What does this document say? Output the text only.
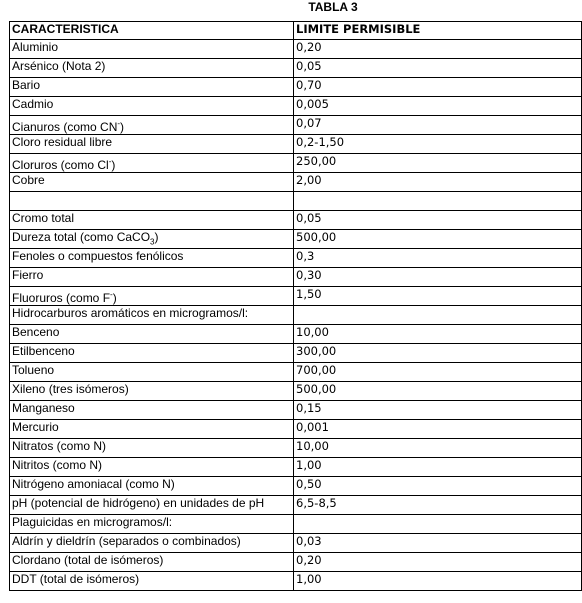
TABLA 3
CARACTERISTICA	LIMITE PERMISIBLE
Aluminio	0,20
Arsénico (Nota 2)	0,05
Bario	0,70
Cadmio	0,005
Cianuros (como CN-)	0,07
Cloro residual libre	0,2-1,50
Cloruros (como Cl-)	250,00
Cobre	2,00

Cromo total	0,05
Dureza total (como CaCO$_3$)	500,00
Fenoles o compuestos fenólicos	0,3
Fierro	0,30
Fluoruros (como F-)	1,50
Hidrocarburos aromáticos en microgramos/l:	
Benceno	10,00
Etilbenceno	300,00
Tolueno	700,00
Xileno (tres isómeros)	500,00
Manganeso	0,15
Mercurio	0,001
Nitratos (como N)	10,00
Nitritos (como N)	1,00
Nitrógeno amoniacal (como N)	0,50
pH (potencial de hidrógeno) en unidades de pH	6,5-8,5
Plaguicidas en microgramos/l:	
Aldrín y dieldrín (separados o combinados)	0,03
Clordano (total de isómeros)	0,20
DDT (total de isómeros)	1,00
